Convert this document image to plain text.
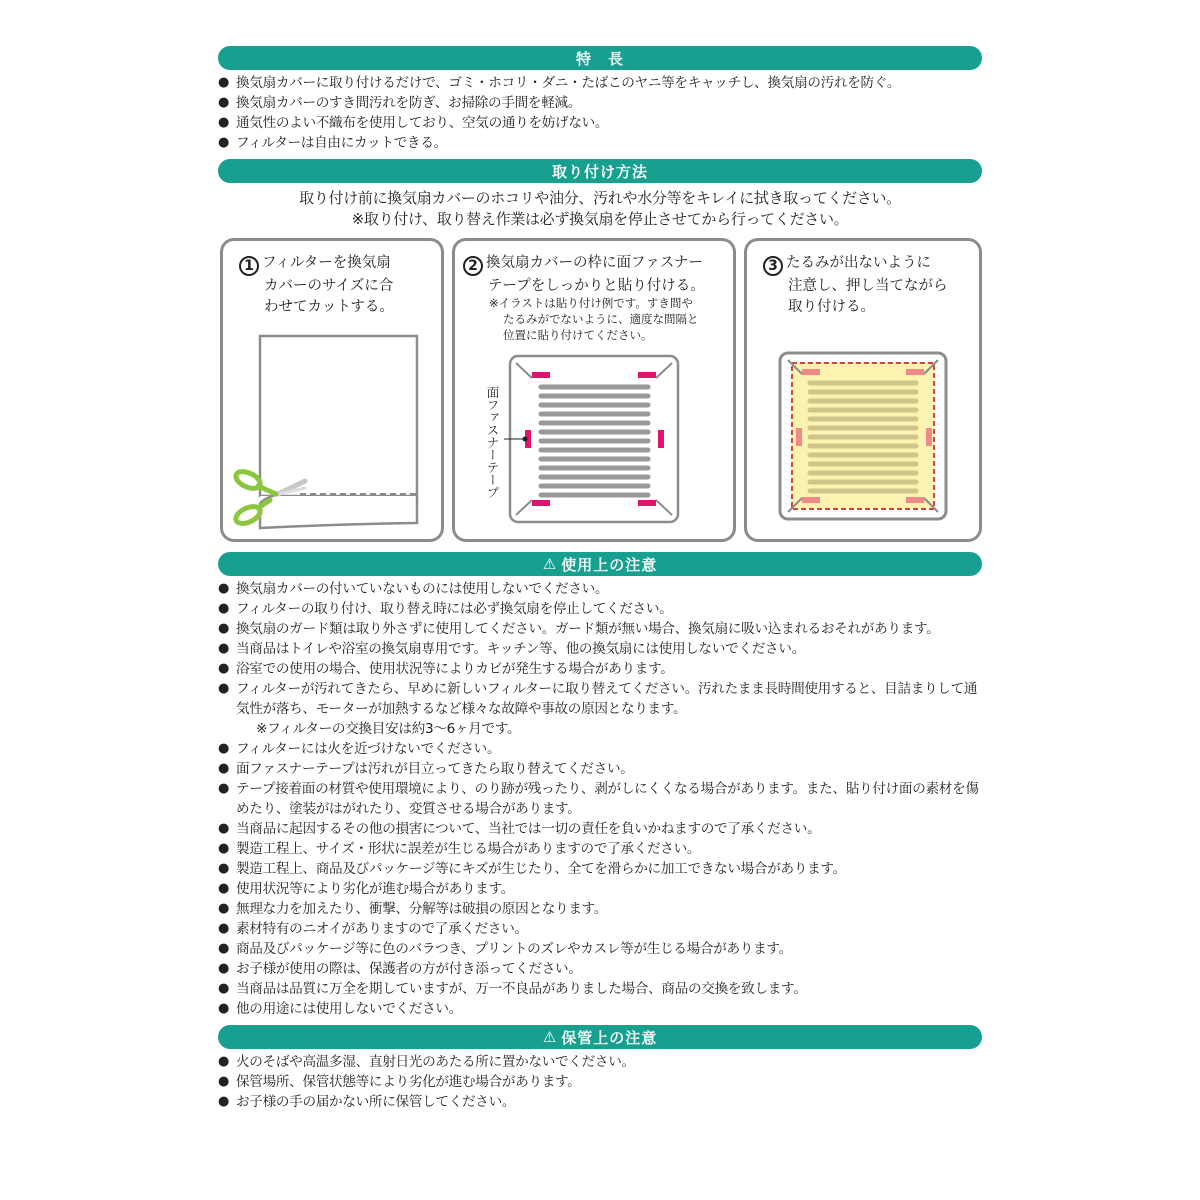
特　長
● 換気扇カバーに取り付けるだけで、ゴミ・ホコリ・ダニ・たばこのヤニ等をキャッチし、換気扇の汚れを防ぐ。
● 換気扇カバーのすき間汚れを防ぎ、お掃除の手間を軽減。
● 通気性のよい不織布を使用しており、空気の通りを妨げない。
● フィルターは自由にカットできる。
取り付け方法
取り付け前に換気扇カバーのホコリや油分、汚れや水分等をキレイに拭き取ってください。
※取り付け、取り替え作業は必ず換気扇を停止させてから行ってください。
1 フィルターを換気扇
カバーのサイズに合
わせてカットする。
2 換気扇カバーの枠に面ファスナー
テープをしっかりと貼り付ける。
※イラストは貼り付け例です。すき間や
たるみがでないように、適度な間隔と
位置に貼り付けてください。
面ファスナーテープ
3 たるみが出ないように
注意し、押し当てながら
取り付ける。
⚠ 使用上の注意
● 換気扇カバーの付いていないものには使用しないでください。
● フィルターの取り付け、取り替え時には必ず換気扇を停止してください。
● 換気扇のガード類は取り外さずに使用してください。ガード類が無い場合、換気扇に吸い込まれるおそれがあります。
● 当商品はトイレや浴室の換気扇専用です。キッチン等、他の換気扇には使用しないでください。
● 浴室での使用の場合、使用状況等によりカビが発生する場合があります。
● フィルターが汚れてきたら、早めに新しいフィルターに取り替えてください。汚れたまま長時間使用すると、目詰まりして通気性が落ち、モーターが加熱するなど様々な故障や事故の原因となります。
※フィルターの交換目安は約3～6ヶ月です。
● フィルターには火を近づけないでください。
● 面ファスナーテープは汚れが目立ってきたら取り替えてください。
● テープ接着面の材質や使用環境により、のり跡が残ったり、剥がしにくくなる場合があります。また、貼り付け面の素材を傷めたり、塗装がはがれたり、変質させる場合があります。
● 当商品に起因するその他の損害について、当社では一切の責任を負いかねますので了承ください。
● 製造工程上、サイズ・形状に誤差が生じる場合がありますので了承ください。
● 製造工程上、商品及びパッケージ等にキズが生じたり、全てを滑らかに加工できない場合があります。
● 使用状況等により劣化が進む場合があります。
● 無理な力を加えたり、衝撃、分解等は破損の原因となります。
● 素材特有のニオイがありますので了承ください。
● 商品及びパッケージ等に色のバラつき、プリントのズレやカスレ等が生じる場合があります。
● お子様が使用の際は、保護者の方が付き添ってください。
● 当商品は品質に万全を期していますが、万一不良品がありました場合、商品の交換を致します。
● 他の用途には使用しないでください。
⚠ 保管上の注意
● 火のそばや高温多湿、直射日光のあたる所に置かないでください。
● 保管場所、保管状態等により劣化が進む場合があります。
● お子様の手の届かない所に保管してください。
